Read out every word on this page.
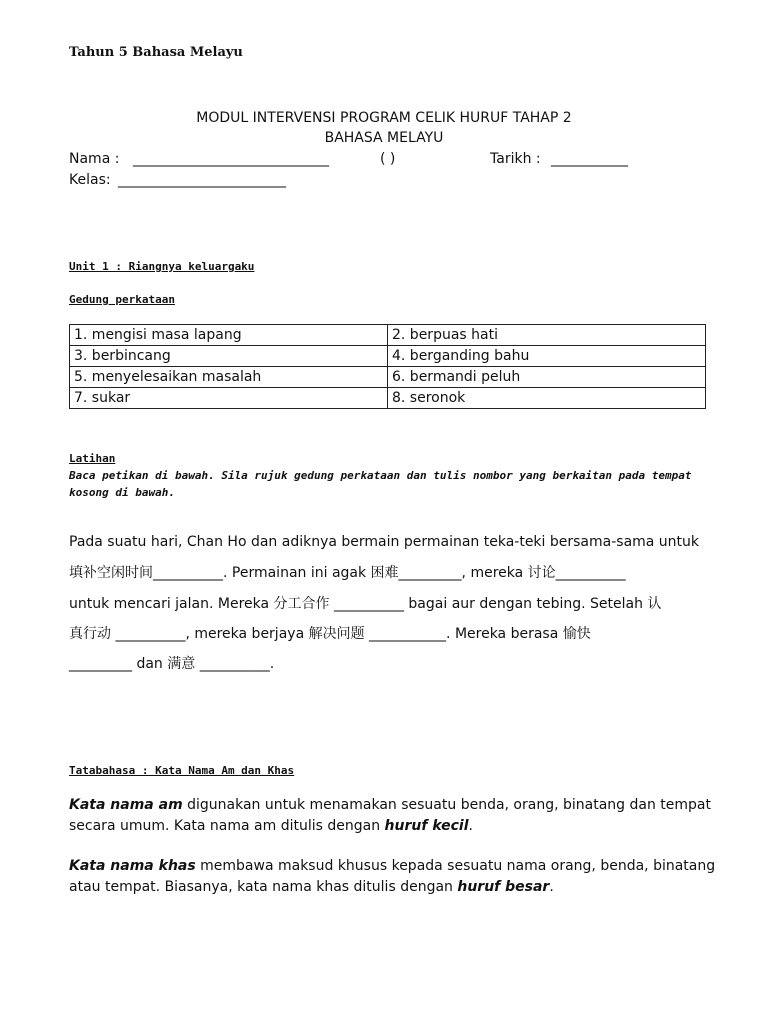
Tahun 5 Bahasa Melayu
MODUL INTERVENSI PROGRAM CELIK HURUF TAHAP 2
BAHASA MELAYU
Nama : ____________________________	( )	Tarikh : ___________
Kelas: ________________________
Unit 1 : Riangnya keluargaku
Gedung perkataan
1. mengisi masa lapang	2. berpuas hati
3. berbincang	4. berganding bahu
5. menyelesaikan masalah	6. bermandi peluh
7. sukar	8. seronok
Latihan
Baca petikan di bawah. Sila rujuk gedung perkataan dan tulis nombor yang berkaitan pada tempat
kosong di bawah.
Pada suatu hari, Chan Ho dan adiknya bermain permainan teka-teki bersama-sama untuk
填补空闲时间__________. Permainan ini agak 困难_________, mereka 讨论__________
untuk mencari jalan. Mereka 分工合作 __________ bagai aur dengan tebing. Setelah 认
真行动 __________, mereka berjaya 解决问题 ___________. Mereka berasa 愉快
_________ dan 满意 __________.
Tatabahasa : Kata Nama Am dan Khas
Kata nama am digunakan untuk menamakan sesuatu benda, orang, binatang dan tempat
secara umum. Kata nama am ditulis dengan huruf kecil.
Kata nama khas membawa maksud khusus kepada sesuatu nama orang, benda, binatang
atau tempat. Biasanya, kata nama khas ditulis dengan huruf besar.
